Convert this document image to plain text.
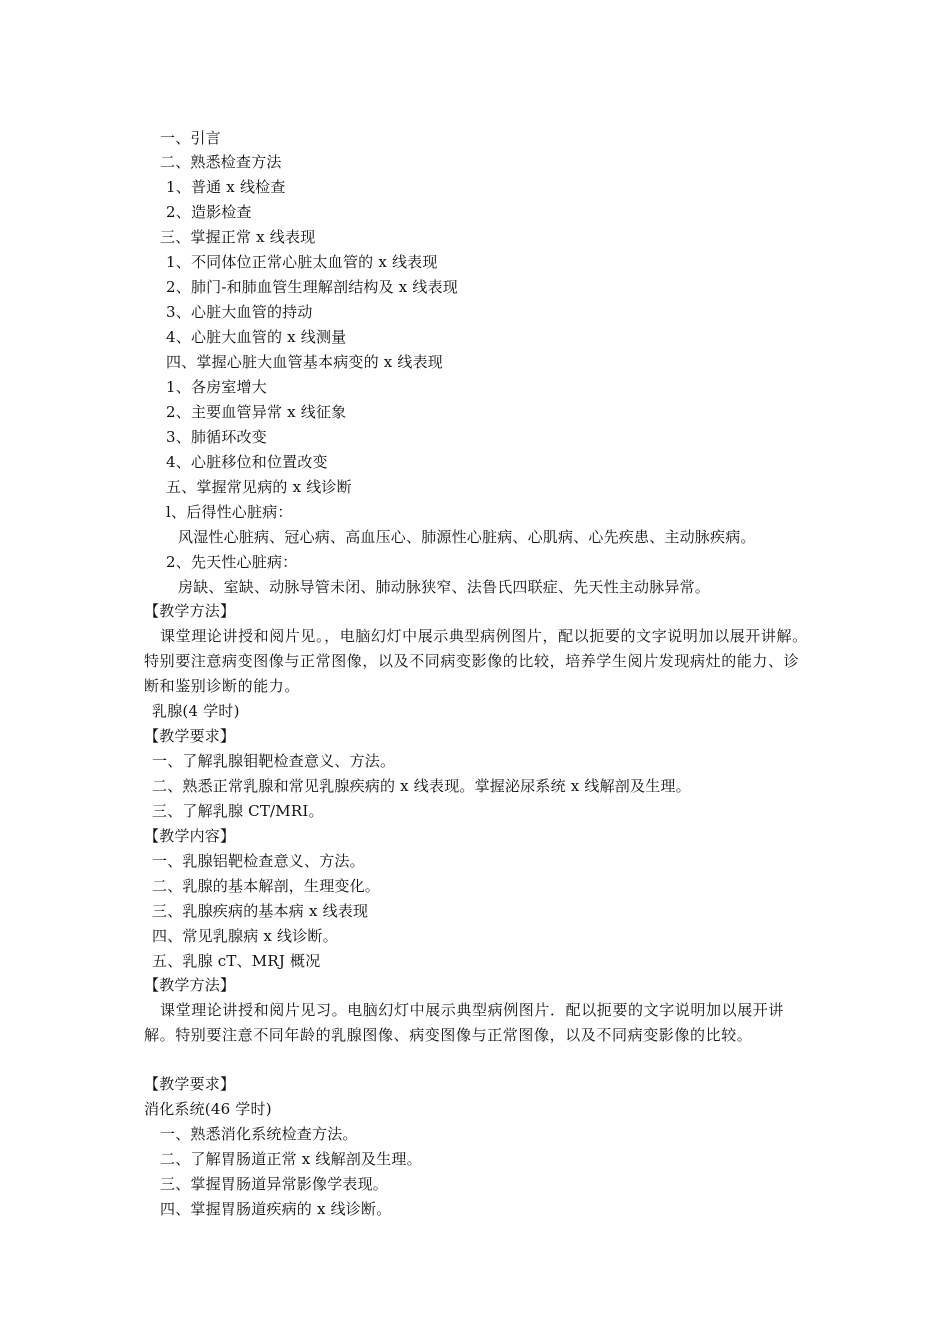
一、引言
二、熟悉检查方法
1、普通 x 线检查
2、造影检查
三、掌握正常 x 线表现
1、不同体位正常心脏太血管的 x 线表现
2、肺门-和肺血管生理解剖结构及 x 线表现
3、心脏大血管的持动
4、心脏大血管的 x 线测量
四、掌握心脏大血管基本病变的 x 线表现
1、各房室增大
2、主要血管异常 x 线征象
3、肺循环改变
4、心脏移位和位置改变
五、掌握常见病的 x 线诊断
l、后得性心脏病：
风湿性心脏病、冠心病、高血压心、肺源性心脏病、心肌病、心先疾患、主动脉疾病。
2、先天性心脏病：
房缺、室缺、动脉导管未闭、肺动脉狭窄、法鲁氏四联症、先天性主动脉异常。
【教学方法】
课堂理论讲授和阅片见。，电脑幻灯中展示典型病例图片，配以扼要的文字说明加以展开讲解。特别要注意病变图像与正常图像，以及不同病变影像的比较，培养学生阅片发现病灶的能力、诊断和鉴别诊断的能力。
乳腺(4 学时)
【教学要求】
一、了解乳腺钼靶检查意义、方法。
二、熟悉正常乳腺和常见乳腺疾病的 x 线表现。掌握泌尿系统 x 线解剖及生理。
三、了解乳腺 CT/MRI。
【教学内容】
一、乳腺铝靶检查意义、方法。
二、乳腺的基本解剖，生理变化。
三、乳腺疾病的基本病 x 线表现
四、常见乳腺病 x 线诊断。
五、乳腺 cT、MRJ 概况
【教学方法】
课堂理论讲授和阅片见习。电脑幻灯中展示典型病例图片．配以扼要的文字说明加以展开讲解。特别要注意不同年龄的乳腺图像、病变图像与正常图像，以及不同病变影像的比较。
【教学要求】
消化系统(46 学时)
一、熟悉消化系统检查方法。
二、了解胃肠道正常 x 线解剖及生理。
三、掌握胃肠道异常影像学表现。
四、掌握胃肠道疾病的 x 线诊断。
